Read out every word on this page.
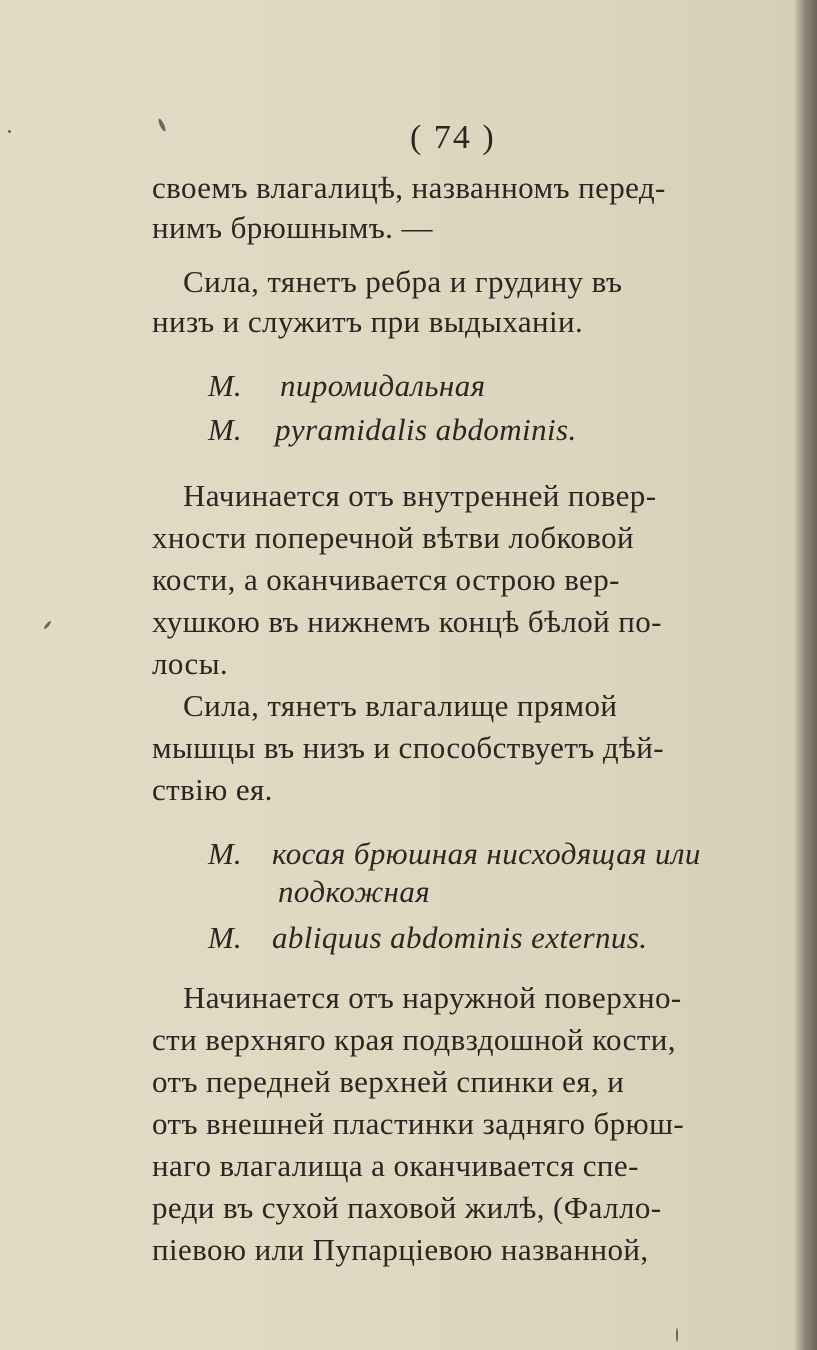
( 74 )
своемъ влагалицѣ, названномъ перед-
нимъ брюшнымъ. —
Сила, тянетъ ребра и грудину въ
низъ и служитъ при выдыханіи.
M. пиромидальная
M. pyramidalis abdominis.
Начинается отъ внутренней повер-
хности поперечной вѣтви лобковой
кости, а оканчивается острою вер-
хушкою въ нижнемъ концѣ бѣлой по-
лосы.
Сила, тянетъ влагалище прямой
мышцы въ низъ и способствуетъ дѣй-
ствію ея.
M. косая брюшная нисходящая или
подкожная
M. abliquus abdominis externus.
Начинается отъ наружной поверхно-
сти верхняго края подвздошной кости,
отъ передней верхней спинки ея, и
отъ внешней пластинки задняго брюш-
наго влагалища а оканчивается спе-
реди въ сухой паховой жилѣ, (Фалло-
піевою или Пупарціевою названной,
